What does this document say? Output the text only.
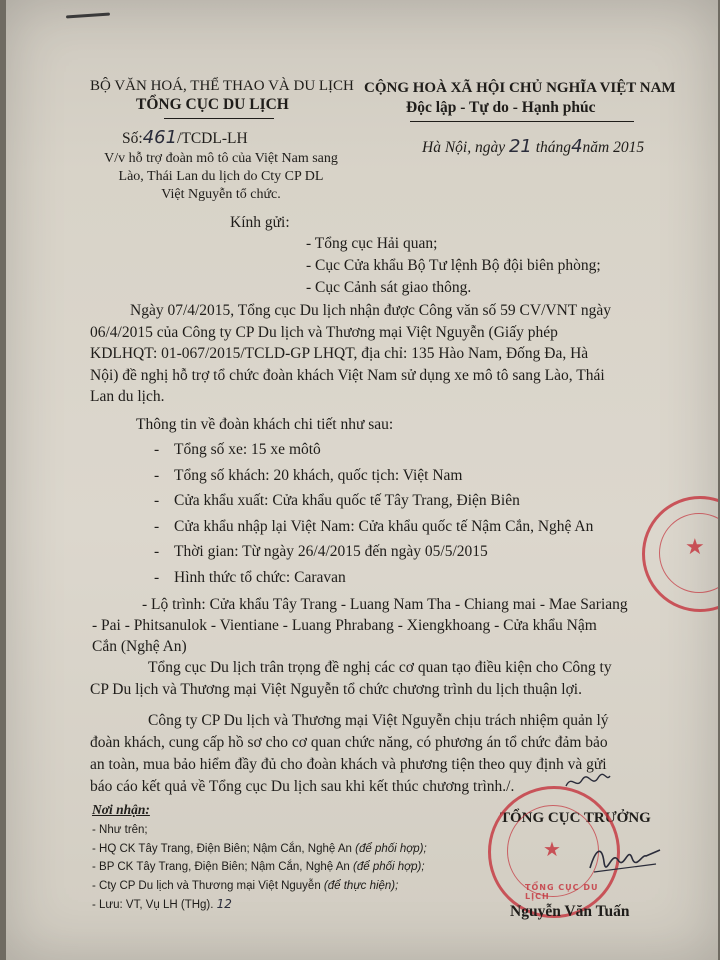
BỘ VĂN HOÁ, THỂ THAO VÀ DU LỊCH
TỔNG CỤC DU LỊCH
Số:461/TCDL-LH
V/v hỗ trợ đoàn mô tô của Việt Nam sang
Lào, Thái Lan du lịch do Cty CP DL
Việt Nguyễn tổ chức.
CỘNG HOÀ XÃ HỘI CHỦ NGHĨA VIỆT NAM
Độc lập - Tự do - Hạnh phúc
Hà Nội, ngày 21 tháng4năm 2015
Kính gửi:
- Tổng cục Hải quan;
- Cục Cửa khẩu Bộ Tư lệnh Bộ đội biên phòng;
- Cục Cảnh sát giao thông.
Ngày 07/4/2015, Tổng cục Du lịch nhận được Công văn số 59 CV/VNT ngày
06/4/2015 của Công ty CP Du lịch và Thương mại Việt Nguyễn (Giấy phép
KDLHQT: 01-067/2015/TCLD-GP LHQT, địa chỉ: 135 Hào Nam, Đống Đa, Hà
Nội) đề nghị hỗ trợ tổ chức đoàn khách Việt Nam sử dụng xe mô tô sang Lào, Thái
Lan du lịch.
Thông tin về đoàn khách chi tiết như sau:
- Tổng số xe: 15 xe môtô
- Tổng số khách: 20 khách, quốc tịch: Việt Nam
- Cửa khẩu xuất: Cửa khẩu quốc tế Tây Trang, Điện Biên
- Cửa khẩu nhập lại Việt Nam: Cửa khẩu quốc tế Nậm Cắn, Nghệ An
- Thời gian: Từ ngày 26/4/2015 đến ngày 05/5/2015
- Hình thức tổ chức: Caravan
- Lộ trình: Cửa khẩu Tây Trang - Luang Nam Tha - Chiang mai - Mae Sariang
- Pai - Phitsanulok - Vientiane - Luang Phrabang - Xiengkhoang - Cửa khẩu Nậm
Cắn (Nghệ An)
Tổng cục Du lịch trân trọng đề nghị các cơ quan tạo điều kiện cho Công ty
CP Du lịch và Thương mại Việt Nguyễn tổ chức chương trình du lịch thuận lợi.
Công ty CP Du lịch và Thương mại Việt Nguyễn chịu trách nhiệm quản lý
đoàn khách, cung cấp hồ sơ cho cơ quan chức năng, có phương án tổ chức đảm bảo
an toàn, mua bảo hiểm đầy đủ cho đoàn khách và phương tiện theo quy định và gửi
báo cáo kết quả về Tổng cục Du lịch sau khi kết thúc chương trình./.
Nơi nhận:
- Như trên;
- HQ CK Tây Trang, Điện Biên; Nậm Cắn, Nghệ An (để phối hợp);
- BP CK Tây Trang, Điện Biên; Nậm Cắn, Nghệ An (để phối hợp);
- Cty CP Du lịch và Thương mại Việt Nguyễn (để thực hiện);
- Lưu: VT, Vụ LH (THg). 12
TỔNG CỤC TRƯỞNG
TỔNG CỤC DU LỊCH
★
Nguyễn Văn Tuấn
★
